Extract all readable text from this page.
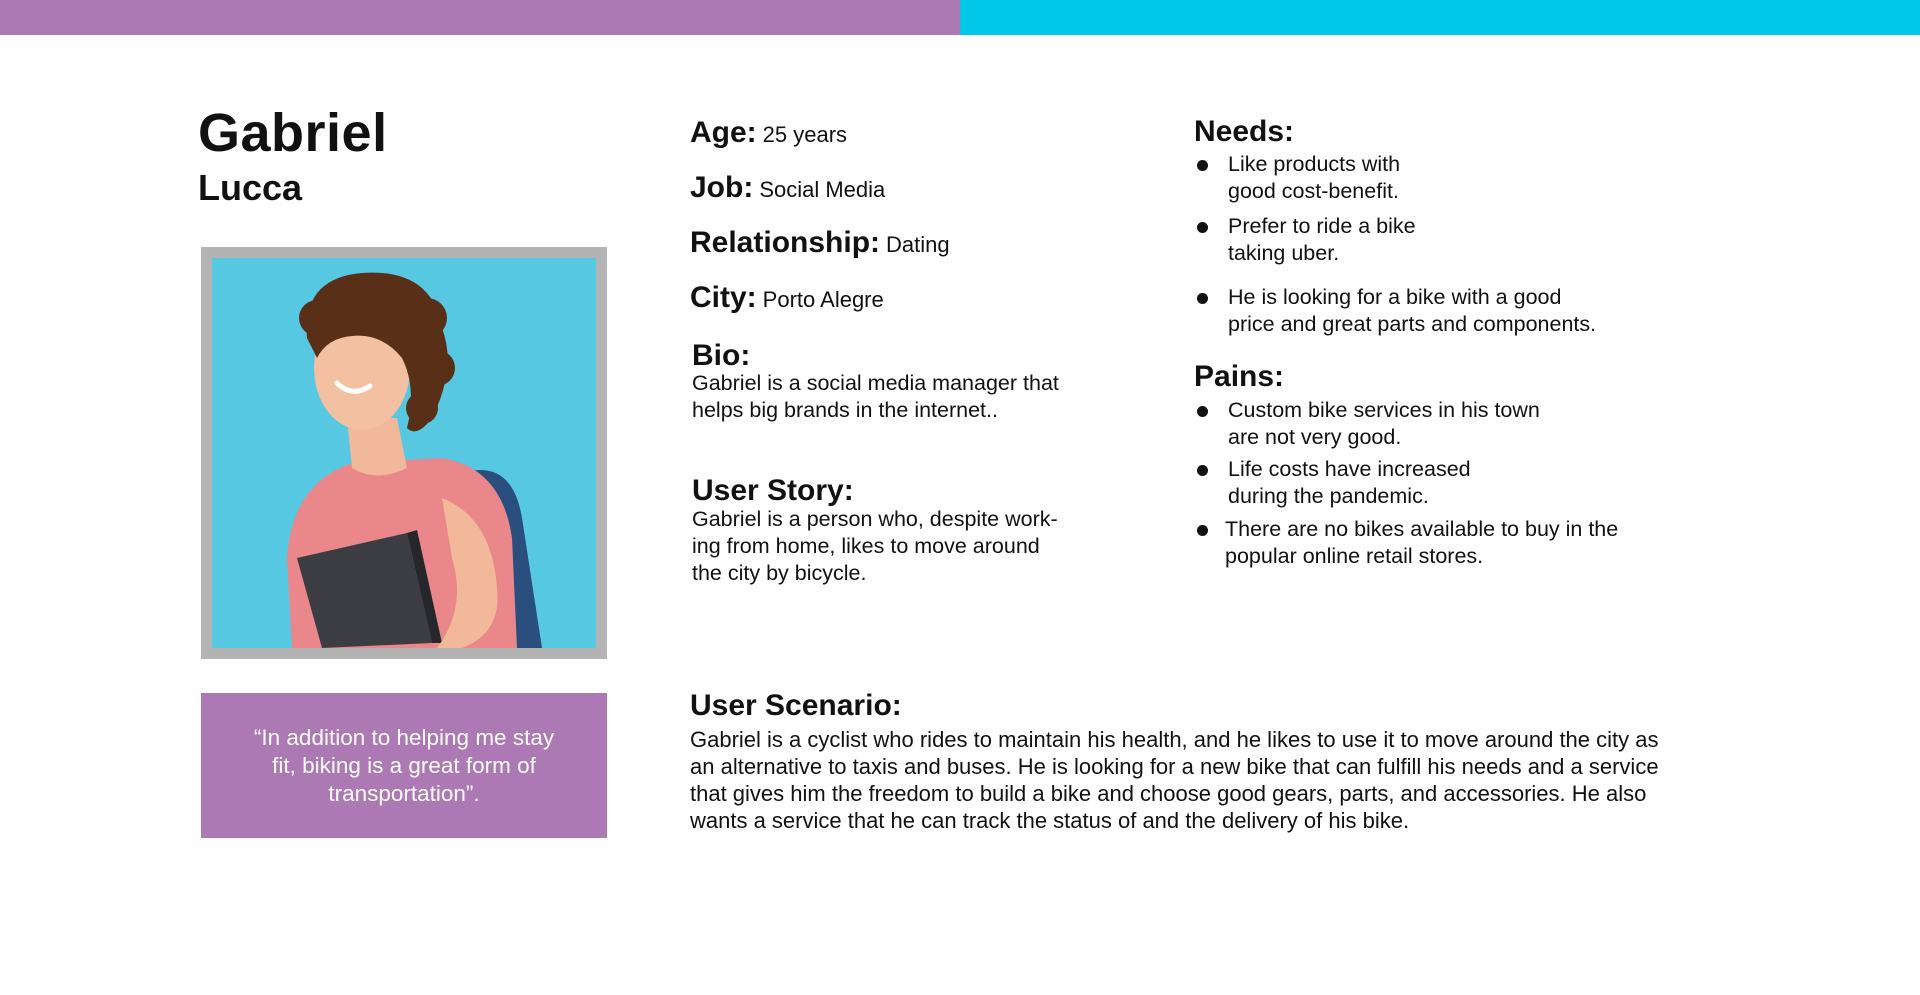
Gabriel
Lucca
“In addition to helping me stay fit, biking is a great form of transportation”.
Age: 25 years
Job: Social Media
Relationship: Dating
City: Porto Alegre
Bio:
Gabriel is a social media manager that
helps big brands in the internet..
User Story:
Gabriel is a person who, despite work-
ing from home, likes to move around
the city by bicycle.
Needs:

Like products with
good cost-benefit.

Prefer to ride a bike
taking uber.

He is looking for a bike with a good
price and great parts and components.

Pains:

Custom bike services in his town
are not very good.

Life costs have increased
during the pandemic.

There are no bikes available to buy in the
popular online retail stores.

User Scenario:
Gabriel is a cyclist who rides to maintain his health, and he likes to use it to move around the city as
an alternative to taxis and buses. He is looking for a new bike that can fulfill his needs and a service
that gives him the freedom to build a bike and choose good gears, parts, and accessories. He also
wants a service that he can track the status of and the delivery of his bike.
